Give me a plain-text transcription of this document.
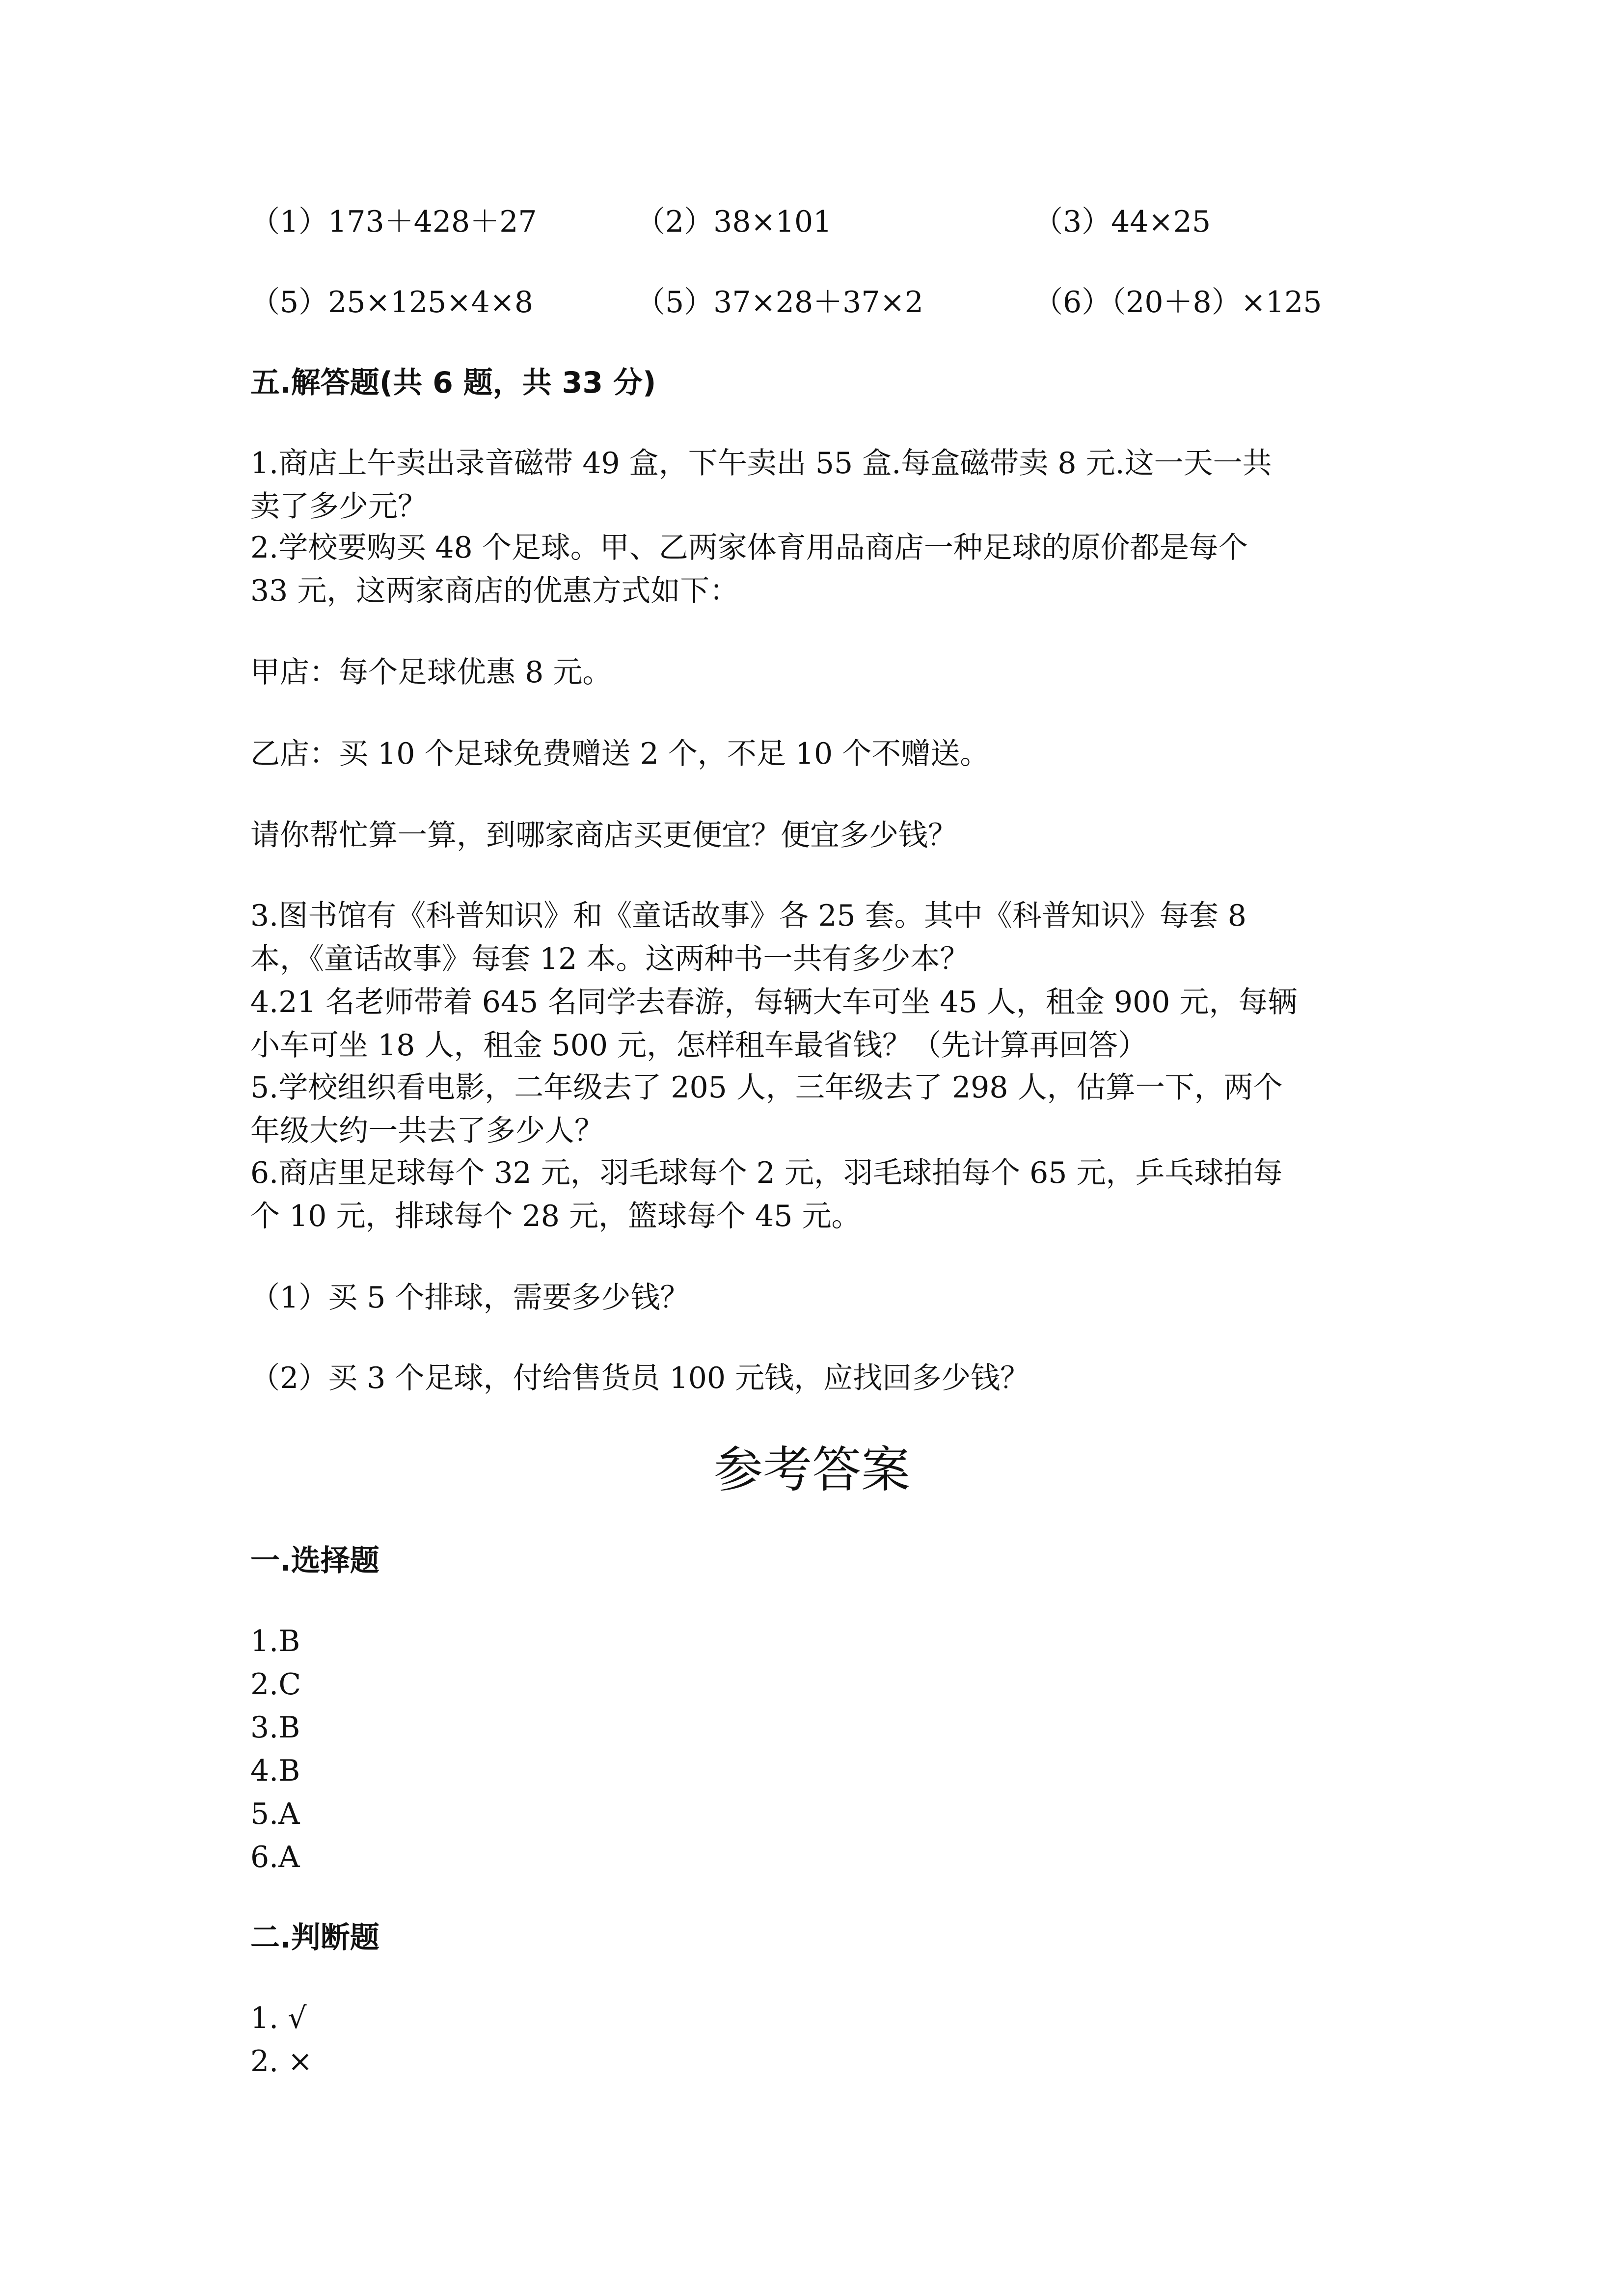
（1）173＋428＋27	（2）38×101	（3）44×25
（5）25×125×4×8	（5）37×28＋37×2	（6）（20＋8）×125
五.解答题(共 6 题，共 33 分)
1.商店上午卖出录音磁带 49 盒，下午卖出 55 盒.每盒磁带卖 8 元.这一天一共
卖了多少元？
2.学校要购买 48 个足球。甲、乙两家体育用品商店一种足球的原价都是每个
33 元，这两家商店的优惠方式如下：
甲店：每个足球优惠 8 元。
乙店：买 10 个足球免费赠送 2 个，不足 10 个不赠送。
请你帮忙算一算，到哪家商店买更便宜？便宜多少钱？
3.图书馆有《科普知识》和《童话故事》各 25 套。其中《科普知识》每套 8
本，《童话故事》每套 12 本。这两种书一共有多少本？
4.21 名老师带着 645 名同学去春游，每辆大车可坐 45 人，租金 900 元，每辆
小车可坐 18 人，租金 500 元，怎样租车最省钱？（先计算再回答）
5.学校组织看电影，二年级去了 205 人，三年级去了 298 人，估算一下，两个
年级大约一共去了多少人？
6.商店里足球每个 32 元，羽毛球每个 2 元，羽毛球拍每个 65 元，乒乓球拍每
个 10 元，排球每个 28 元，篮球每个 45 元。
（1）买 5 个排球，需要多少钱？
（2）买 3 个足球，付给售货员 100 元钱，应找回多少钱？
参考答案
一.选择题
1.B
2.C
3.B
4.B
5.A
6.A
二.判断题
1. √
2. ×
